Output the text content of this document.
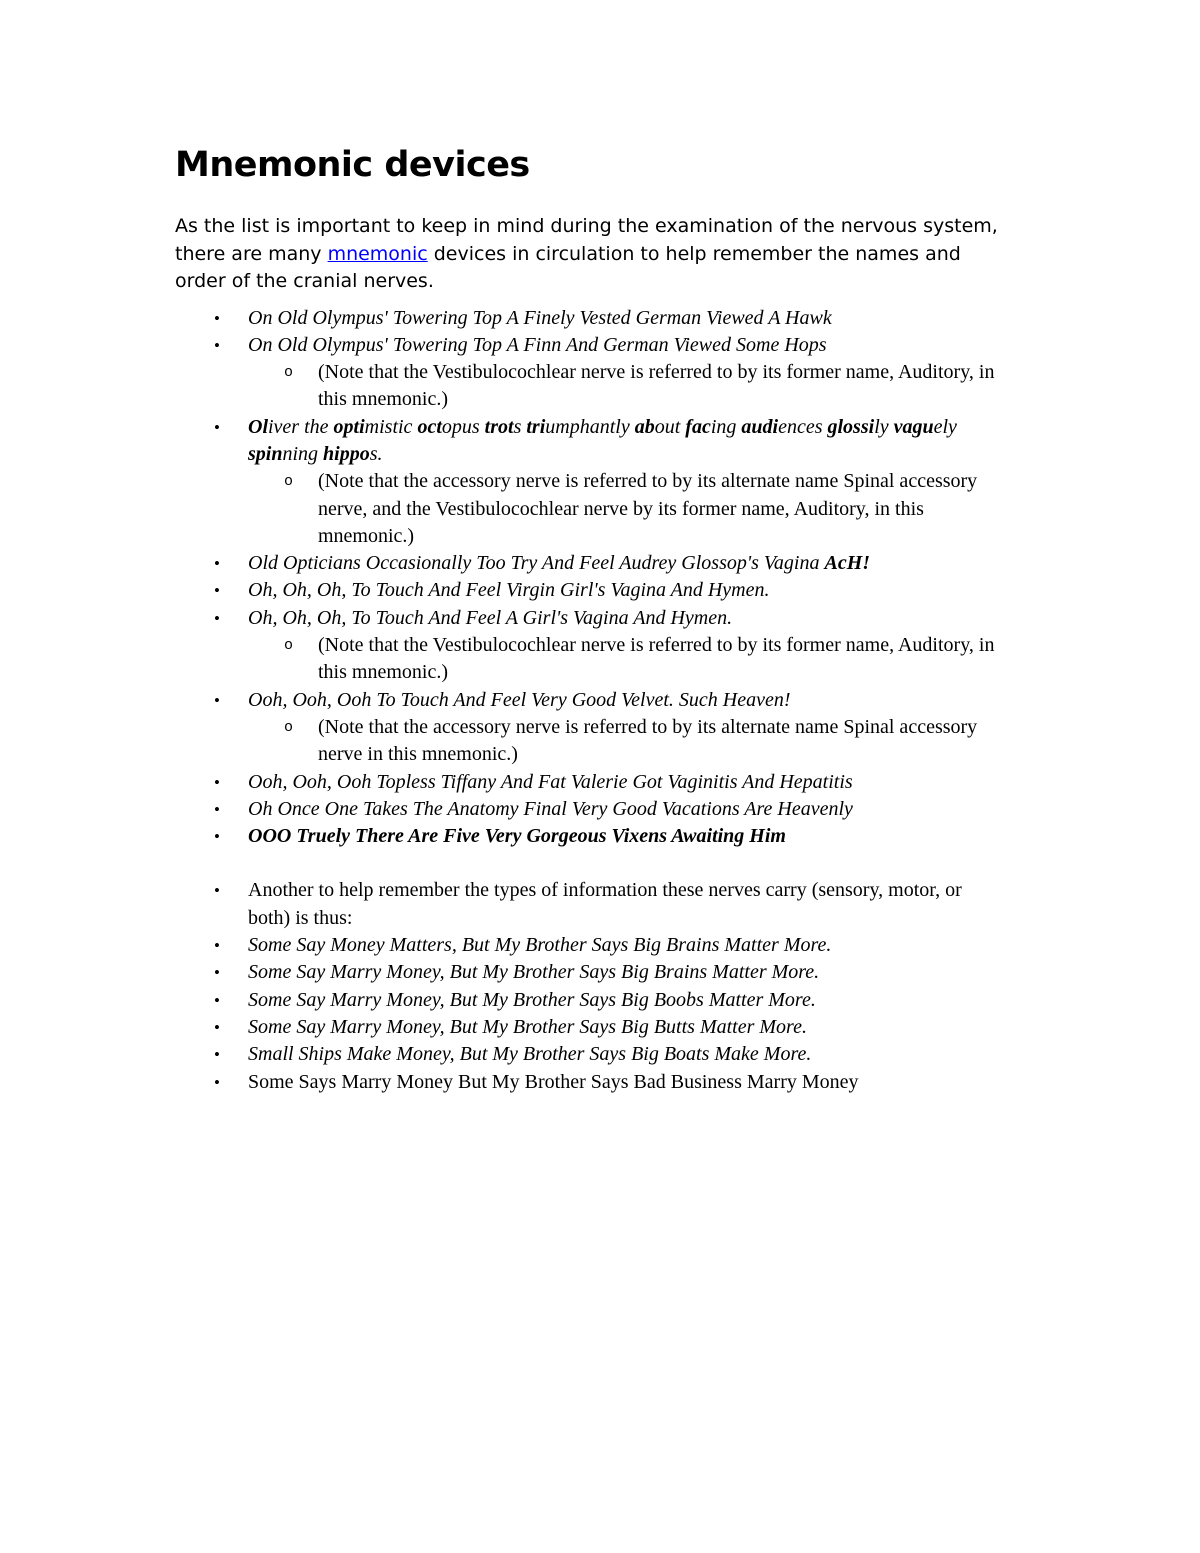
Mnemonic devices

As the list is important to keep in mind during the examination of the nervous system, there are many mnemonic devices in circulation to help remember the names and order of the cranial nerves.

• On Old Olympus' Towering Top A Finely Vested German Viewed A Hawk
• On Old Olympus' Towering Top A Finn And German Viewed Some Hops
o (Note that the Vestibulocochlear nerve is referred to by its former name, Auditory, in this mnemonic.)
• Oliver the optimistic octopus trots triumphantly about facing audiences glossily vaguely spinning hippos.
o (Note that the accessory nerve is referred to by its alternate name Spinal accessory nerve, and the Vestibulocochlear nerve by its former name, Auditory, in this mnemonic.)
• Old Opticians Occasionally Too Try And Feel Audrey Glossop's Vagina AcH!
• Oh, Oh, Oh, To Touch And Feel Virgin Girl's Vagina And Hymen.
• Oh, Oh, Oh, To Touch And Feel A Girl's Vagina And Hymen.
o (Note that the Vestibulocochlear nerve is referred to by its former name, Auditory, in this mnemonic.)
• Ooh, Ooh, Ooh To Touch And Feel Very Good Velvet. Such Heaven!
o (Note that the accessory nerve is referred to by its alternate name Spinal accessory nerve in this mnemonic.)
• Ooh, Ooh, Ooh Topless Tiffany And Fat Valerie Got Vaginitis And Hepatitis
• Oh Once One Takes The Anatomy Final Very Good Vacations Are Heavenly
• OOO Truely There Are Five Very Gorgeous Vixens Awaiting Him
• Another to help remember the types of information these nerves carry (sensory, motor, or both) is thus:
• Some Say Money Matters, But My Brother Says Big Brains Matter More.
• Some Say Marry Money, But My Brother Says Big Brains Matter More.
• Some Say Marry Money, But My Brother Says Big Boobs Matter More.
• Some Say Marry Money, But My Brother Says Big Butts Matter More.
• Small Ships Make Money, But My Brother Says Big Boats Make More.
• Some Says Marry Money But My Brother Says Bad Business Marry Money
